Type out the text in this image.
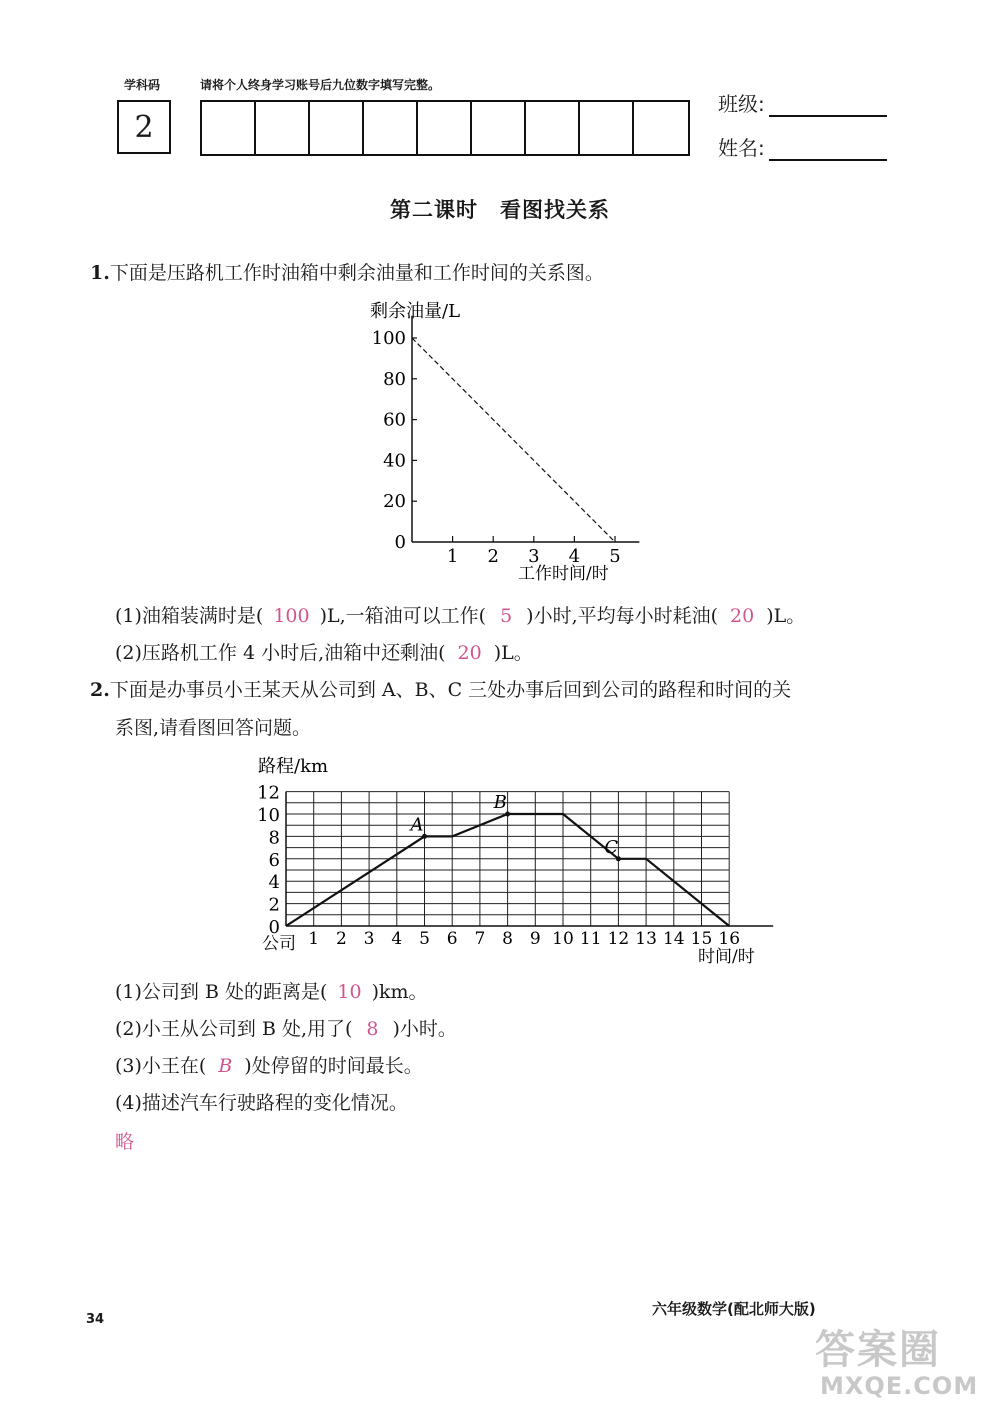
学科码	请将个人终身学习账号后九位数字填写完整。
2
班级:
姓名:
第二课时　看图找关系
1.下面是压路机工作时油箱中剩余油量和工作时间的关系图。
剩余油量/L
0
20
40
60
80
100
1 2 3 4 5
工作时间/时
(1)油箱装满时是( 100 )L,一箱油可以工作( 5 )小时,平均每小时耗油( 20 )L。
(2)压路机工作 4 小时后,油箱中还剩油( 20 )L。
2.下面是办事员小王某天从公司到 A、B、C 三处办事后回到公司的路程和时间的关
系图,请看图回答问题。
路程/km
0
2
4
6
8
10
12
1 2 3 4 5 6 7 8 9 10 11 12 13 14 15 16
A
B
C
公司
时间/时
(1)公司到 B 处的距离是( 10 )km。
(2)小王从公司到 B 处,用了( 8 )小时。
(3)小王在( B )处停留的时间最长。
(4)描述汽车行驶路程的变化情况。
略
34
六年级数学(配北师大版)
答案圈
MXQE.COM
